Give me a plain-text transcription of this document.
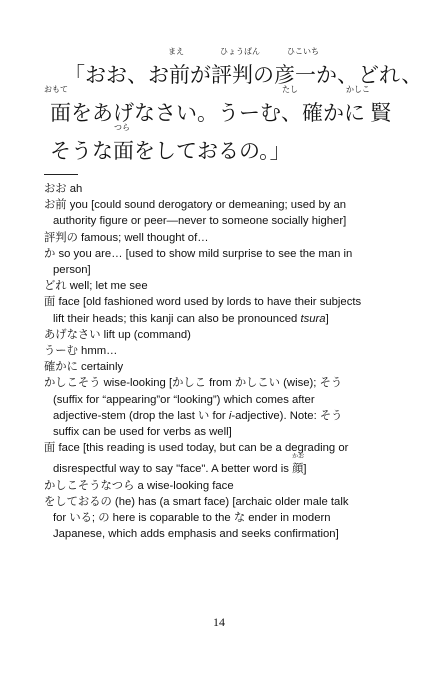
まえ	ひょうばん	ひこいち
「おお、お前が評判の彦一か、どれ、
おもて	たし	かしこ
面をあげなさい。うーむ、確かに 賢
つら
そうな面をしておるの。」
おお ah
お前 you [could sound derogatory or demeaning; used by an
authority figure or peer—never to someone socially higher]
評判の famous; well thought of…
か so you are… [used to show mild surprise to see the man in
person]
どれ well; let me see
面 face [old fashioned word used by lords to have their subjects
lift their heads; this kanji can also be pronounced tsura]
あげなさい lift up (command)
うーむ hmm…
確かに certainly
かしこそう wise-looking [かしこ from かしこい (wise); そう
(suffix for “appearing”or “looking”) which comes after
adjective-stem (drop the last い for i-adjective). Note: そう
suffix can be used for verbs as well]
面 face [this reading is used today, but can be a degrading or
disrespectful way to say "face". A better word is
かお
顔]
かしこそうなつら a wise-looking face
をしておるの (he) has (a smart face) [archaic older male talk
for いる; の here is coparable to the な ender in modern
Japanese, which adds emphasis and seeks confirmation]
14
